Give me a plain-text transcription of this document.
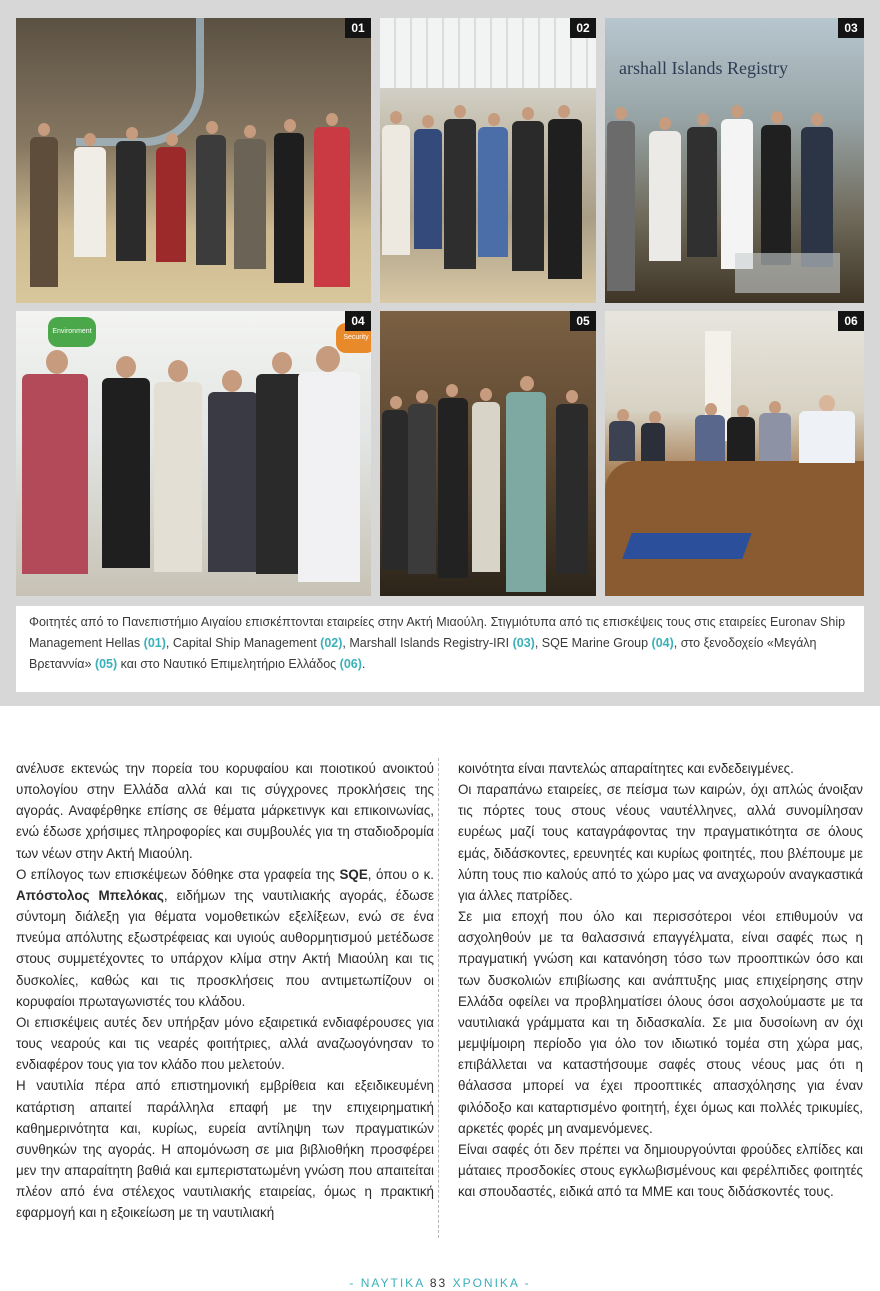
01	02
arshall Islands Registry
03
Environment
Security
04	05	06
Φοιτητές από το Πανεπιστήμιο Αιγαίου επισκέπτονται εταιρείες στην Ακτή Μιαούλη. Στιγμιότυπα από τις επισκέψεις τους στις εταιρείες Euronav Ship Management Hellas (01), Capital Ship Management (02), Marshall Islands Registry-IRI (03), SQE Marine Group (04), στο ξενοδοχείο «Μεγάλη Βρεταννία» (05) και στο Ναυτικό Επιμελητήριο Ελλάδος (06).

ανέλυσε εκτενώς την πορεία του κορυφαίου και ποιοτικού ανοικτού υπολογίου στην Ελλάδα αλλά και τις σύγχρονες προκλήσεις της αγοράς. Αναφέρθηκε επίσης σε θέματα μάρκετινγκ και επικοινωνίας, ενώ έδωσε χρήσιμες πληροφορίες και συμβουλές για τη σταδιοδρομία των νέων στην Ακτή Μιαούλη.

Ο επίλογος των επισκέψεων δόθηκε στα γραφεία της SQE, όπου ο κ. Απόστολος Μπελόκας, ειδήμων της ναυτιλιακής αγοράς, έδωσε σύντομη διάλεξη για θέματα νομοθετικών εξελίξεων, ενώ σε ένα πνεύμα απόλυτης εξωστρέφειας και υγιούς αυθορμητισμού μετέδωσε στους συμμετέχοντες το υπάρχον κλίμα στην Ακτή Μιαούλη και τις δυσκολίες, καθώς και τις προσκλήσεις που αντιμετωπίζουν οι κορυφαίοι πρωταγωνιστές του κλάδου.

Οι επισκέψεις αυτές δεν υπήρξαν μόνο εξαιρετικά ενδιαφέρουσες για τους νεαρούς και τις νεαρές φοιτήτριες, αλλά αναζωογόνησαν το ενδιαφέρον τους για τον κλάδο που μελετούν.

Η ναυτιλία πέρα από επιστημονική εμβρίθεια και εξειδικευμένη κατάρτιση απαιτεί παράλληλα επαφή με την επιχειρηματική καθημερινότητα και, κυρίως, ευρεία αντίληψη των πραγματικών συνθηκών της αγοράς. Η απομόνωση σε μια βιβλιοθήκη προσφέρει μεν την απαραίτητη βαθιά και εμπεριστατωμένη γνώση που απαιτείται πλέον από ένα στέλεχος ναυτιλιακής εταιρείας, όμως η πρακτική εφαρμογή και η εξοικείωση με τη ναυτιλιακή

κοινότητα είναι παντελώς απαραίτητες και ενδεδειγμένες.

Οι παραπάνω εταιρείες, σε πείσμα των καιρών, όχι απλώς άνοιξαν τις πόρτες τους στους νέους ναυτέλληνες, αλλά συνομίλησαν ευρέως μαζί τους καταγράφοντας την πραγματικότητα σε όλους εμάς, διδάσκοντες, ερευνητές και κυρίως φοιτητές, που βλέπουμε με λύπη τους πιο καλούς από το χώρο μας να αναχωρούν αναγκαστικά για άλλες πατρίδες.

Σε μια εποχή που όλο και περισσότεροι νέοι επιθυμούν να ασχοληθούν με τα θαλασσινά επαγγέλματα, είναι σαφές πως η πραγματική γνώση και κατανόηση τόσο των προοπτικών όσο και των δυσκολιών επιβίωσης και ανάπτυξης μιας επιχείρησης στην Ελλάδα οφείλει να προβληματίσει όλους όσοι ασχολούμαστε με τα ναυτιλιακά γράμματα και τη διδασκαλία. Σε μια δυσοίωνη αν όχι μεμψίμοιρη περίοδο για όλο τον ιδιωτικό τομέα στη χώρα μας, επιβάλλεται να καταστήσουμε σαφές στους νέους μας ότι η θάλασσα μπορεί να έχει προοπτικές απασχόλησης για έναν φιλόδοξο και καταρτισμένο φοιτητή, έχει όμως και πολλές τρικυμίες, αρκετές φορές μη αναμενόμενες.

Είναι σαφές ότι δεν πρέπει να δημιουργούνται φρούδες ελπίδες και μάταιες προσδοκίες στους εγκλωβισμένους και φερέλπιδες φοιτητές και σπουδαστές, ειδικά από τα ΜΜΕ και τους διδάσκοντές τους.

- ΝΑΥΤΙΚΑ 83 ΧΡΟΝΙΚΑ -
